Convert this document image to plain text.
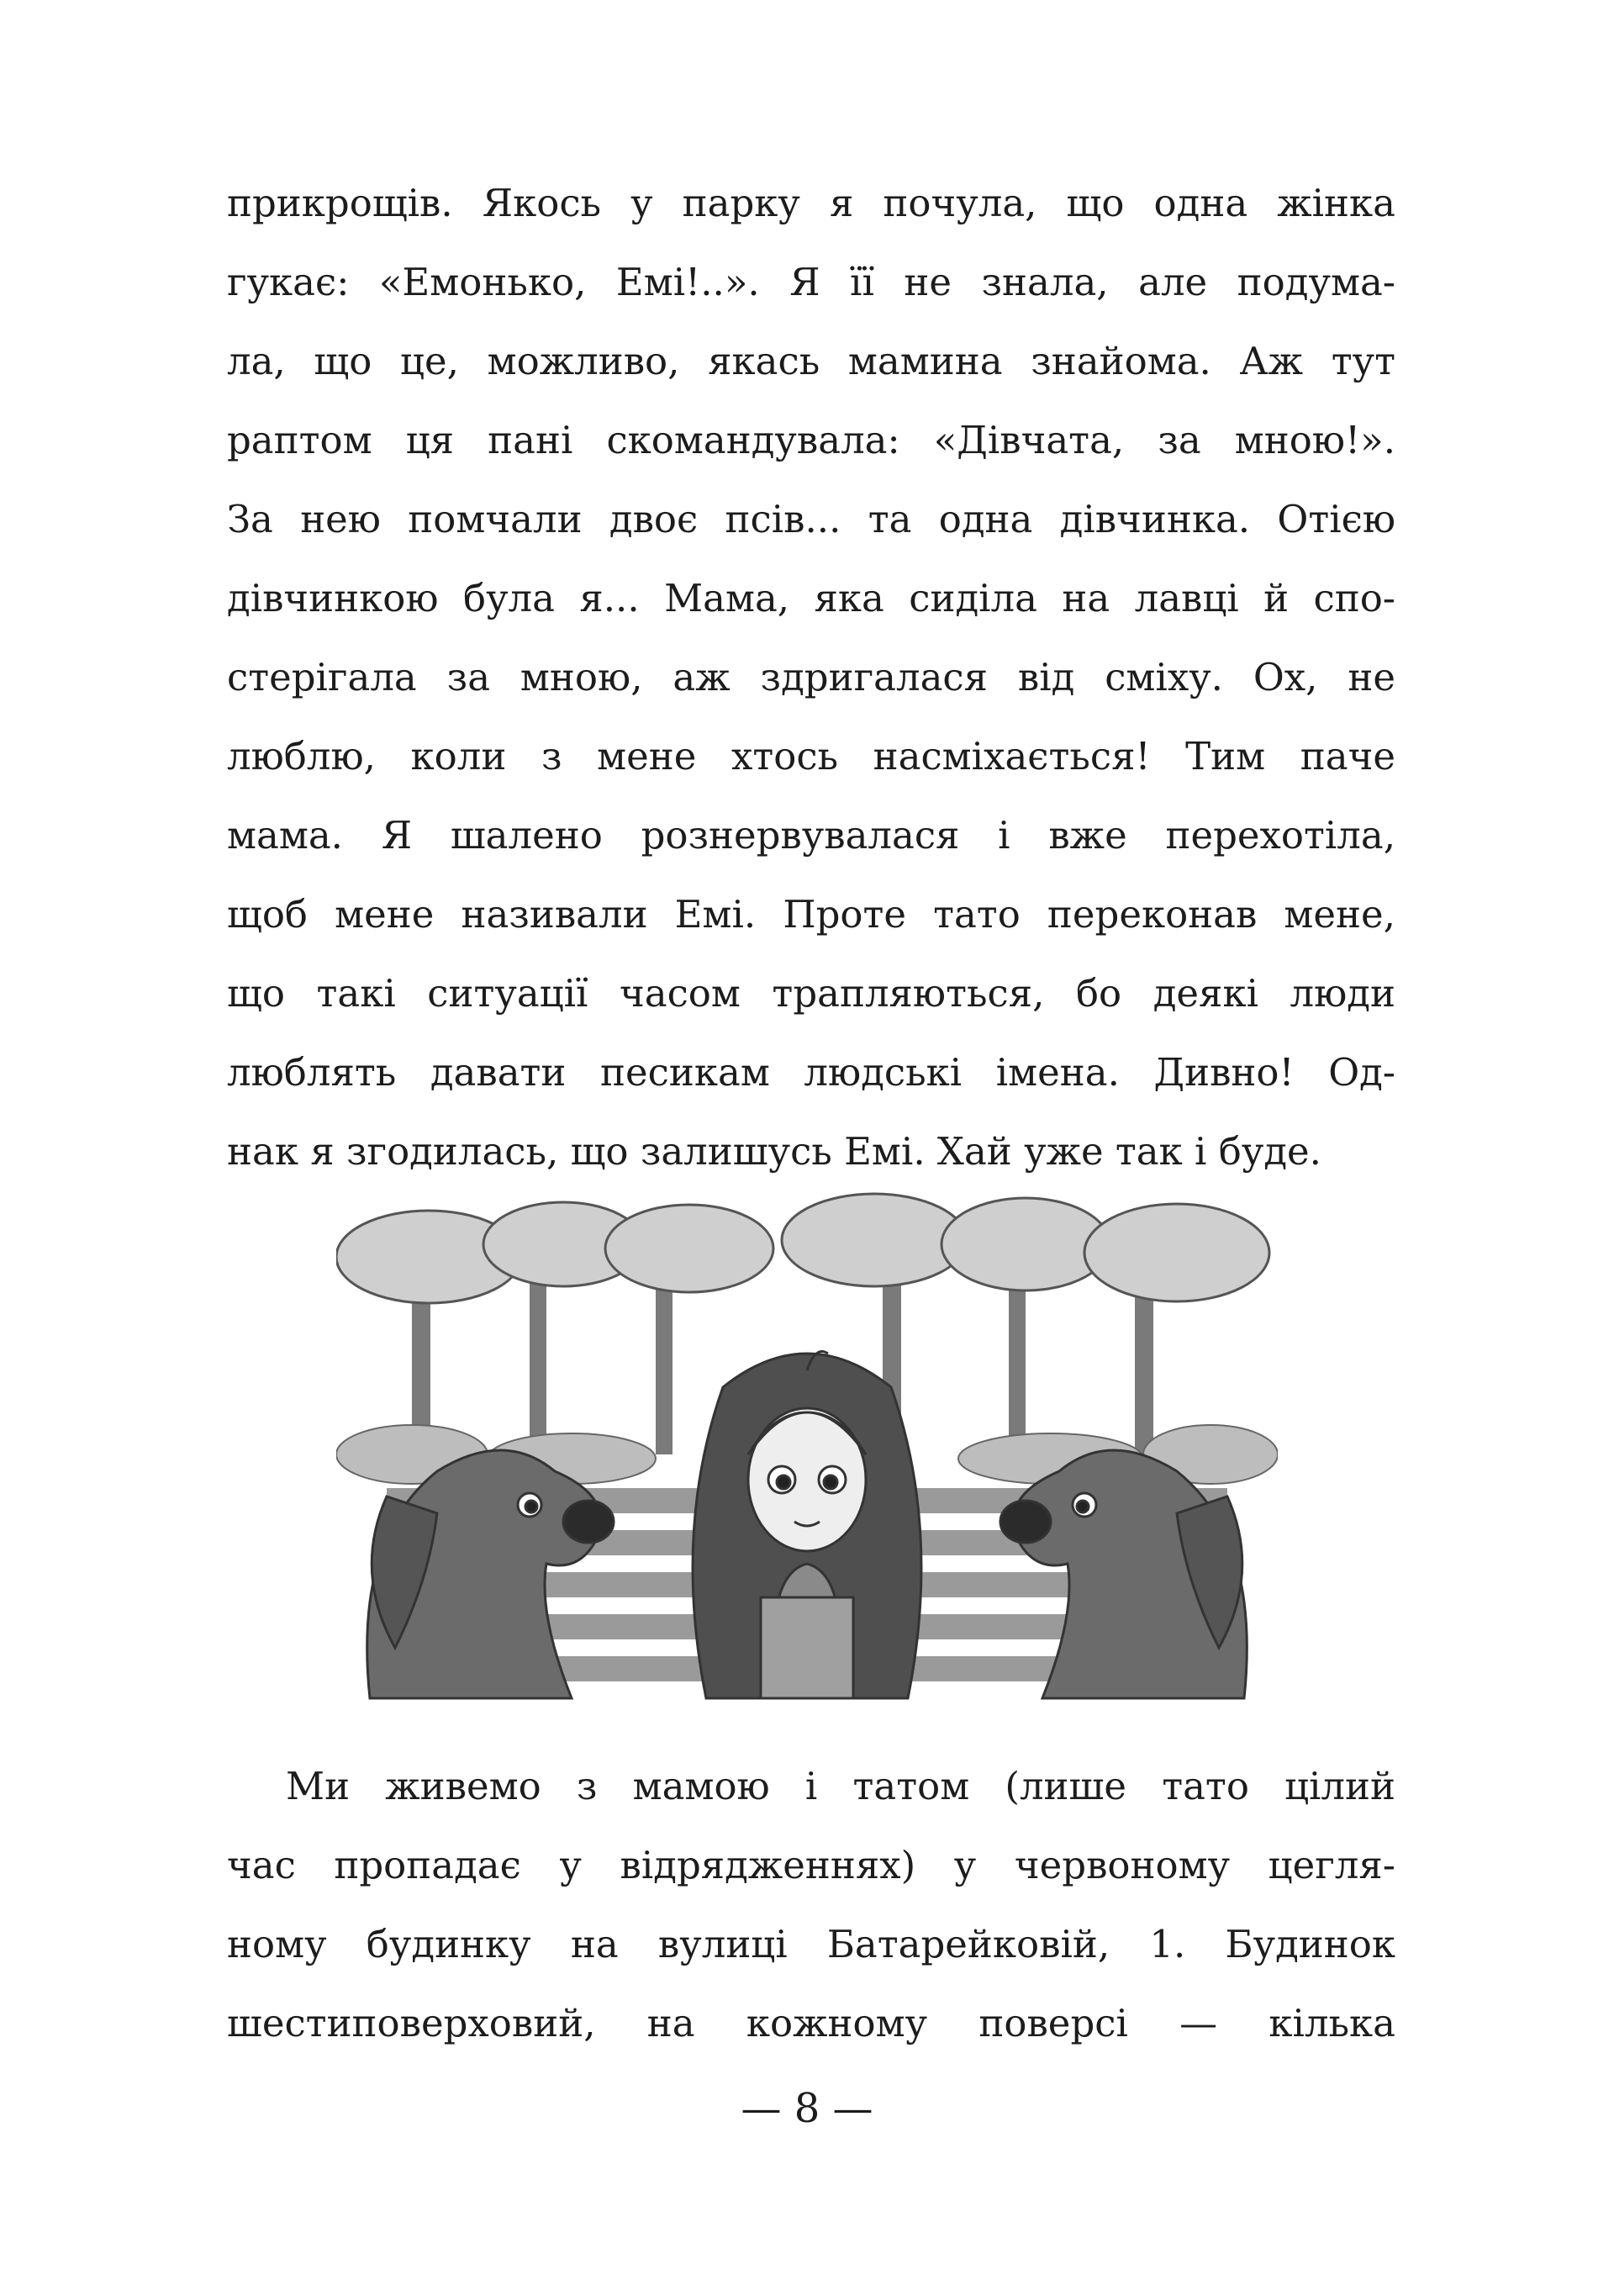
прикрощів. Якось у парку я почула, що одна жінка
гукає: «Емонько, Емі!..». Я її не знала, але подума-
ла, що це, можливо, якась мамина знайома. Аж тут
раптом ця пані скомандувала: «Дівчата, за мною!».
За нею помчали двоє псів... та одна дівчинка. Отією
дівчинкою була я... Мама, яка сиділа на лавці й спо-
стерігала за мною, аж здригалася від сміху. Ох, не
люблю, коли з мене хтось насміхається! Тим паче
мама. Я шалено рознервувалася і вже перехотіла,
щоб мене називали Емі. Проте тато переконав мене,
що такі ситуації часом трапляються, бо деякі люди
люблять давати песикам людські імена. Дивно! Од-
нак я згодилась, що залишусь Емі. Хай уже так і буде.
Ми живемо з мамою і татом (лише тато цілий
час пропадає у відрядженнях) у червоному цегля-
ному будинку на вулиці Батарейковій, 1. Будинок
шестиповерховий, на кожному поверсі — кілька
— 8 —
